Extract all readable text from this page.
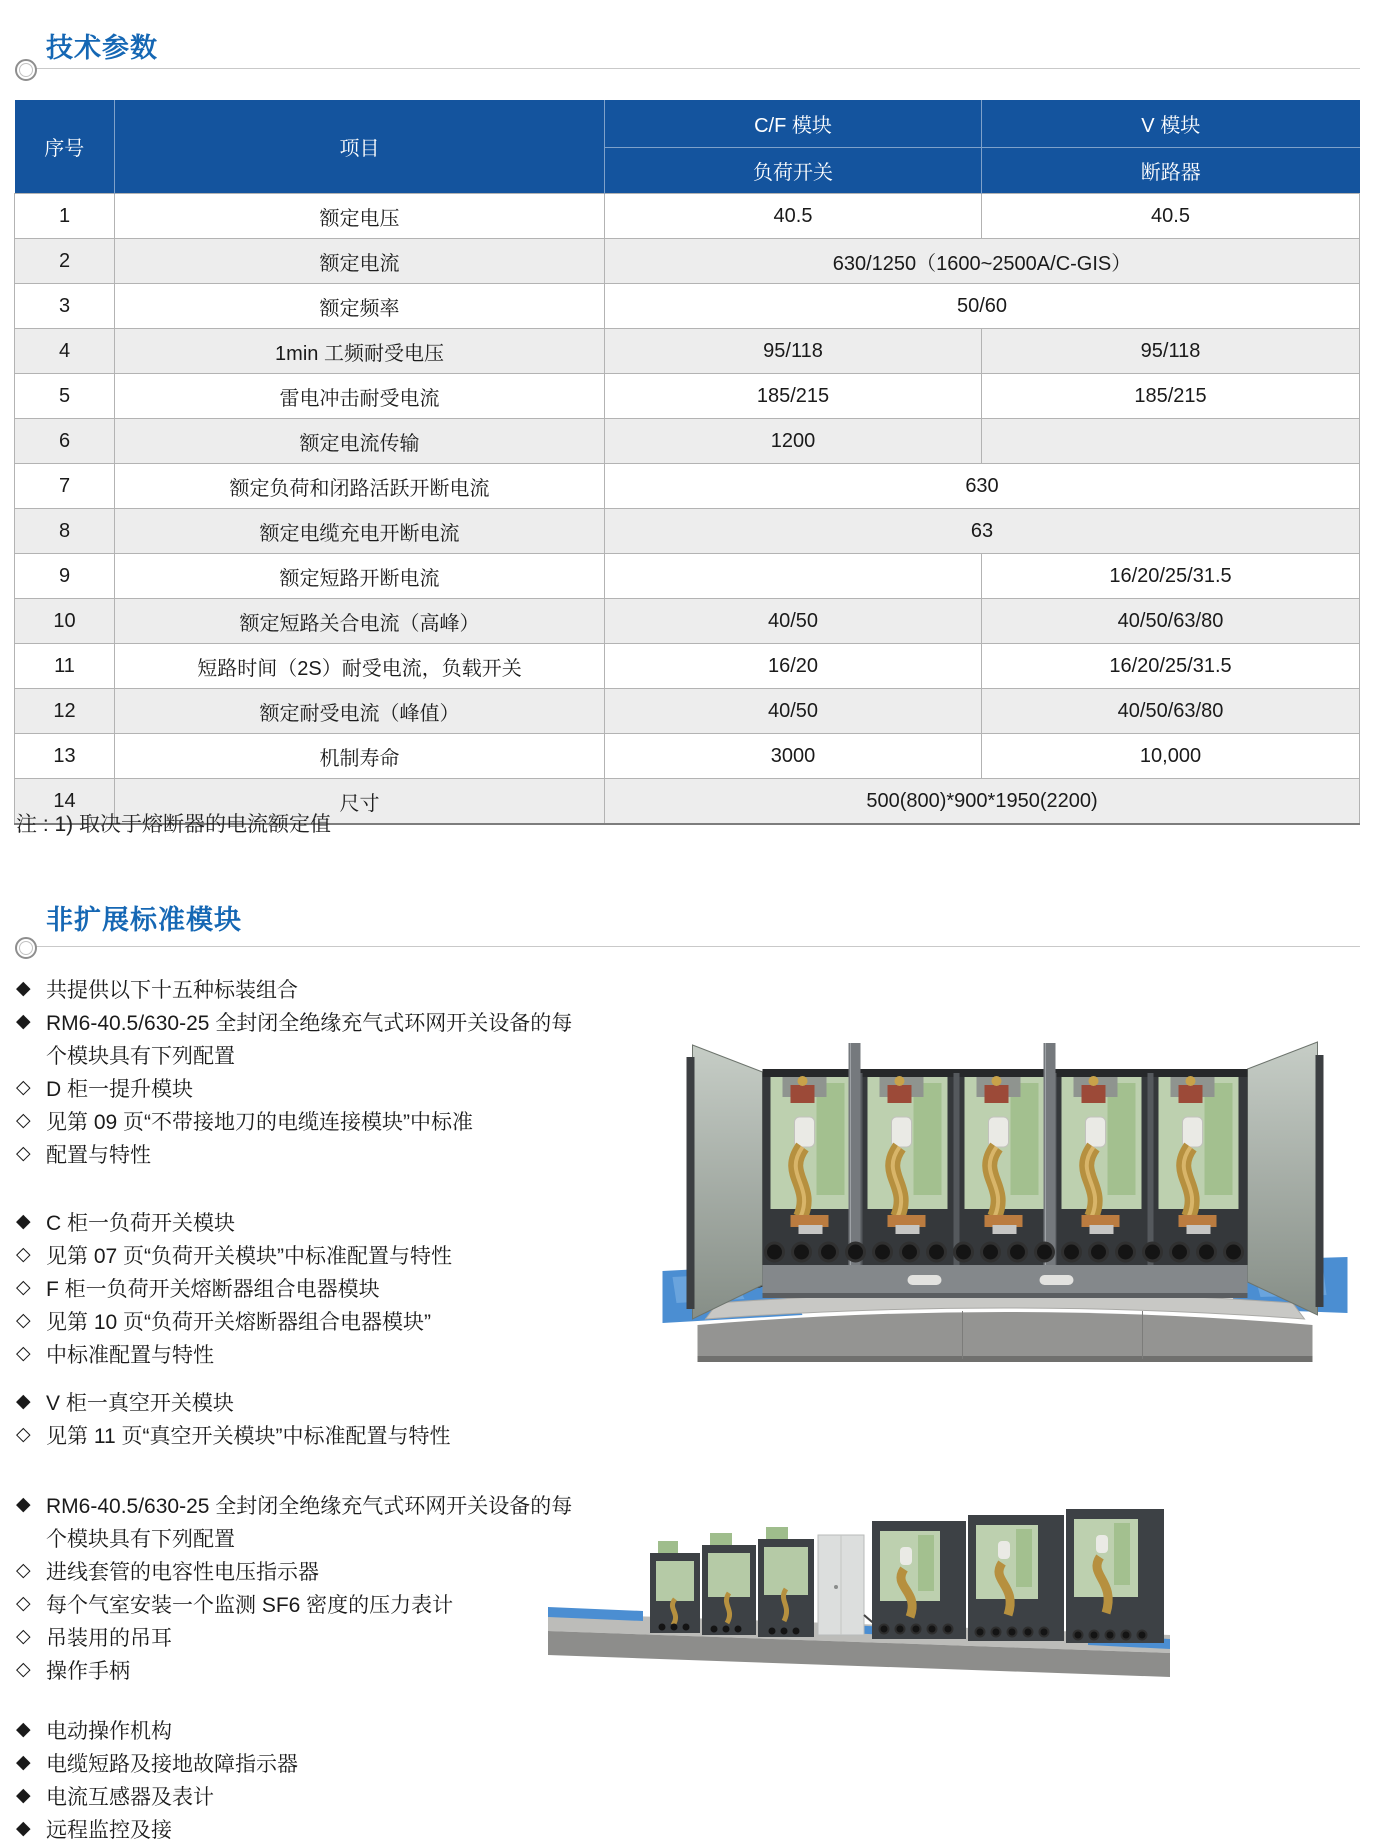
技术参数
序号	项目	C/F 模块	V 模块
		负荷开关	断路器
1	额定电压	40.5	40.5
2	额定电流	630/1250（1600~2500A/C-GIS）	
3	额定频率	50/60	
4	1min 工频耐受电压	95/118	95/118
5	雷电冲击耐受电流	185/215	185/215
6	额定电流传输	1200	
7	额定负荷和闭路活跃开断电流	630	
8	额定电缆充电开断电流	63	
9	额定短路开断电流		16/20/25/31.5
10	额定短路关合电流（高峰）	40/50	40/50/63/80
11	短路时间（2S）耐受电流，负载开关	16/20	16/20/25/31.5
12	额定耐受电流（峰值）	40/50	40/50/63/80
13	机制寿命	3000	10,000
14	尺寸	500(800)*900*1950(2200)	
注 : 1) 取决于熔断器的电流额定值
非扩展标准模块
◆ 共提供以下十五种标装组合
◆ RM6-40.5/630-25 全封闭全绝缘充气式环网开关设备的每
个模块具有下列配置
◇ D 柜一提升模块
◇ 见第 09 页“不带接地刀的电缆连接模块”中标准
◇ 配置与特性
◆ C 柜一负荷开关模块
◇ 见第 07 页“负荷开关模块”中标准配置与特性
◇ F 柜一负荷开关熔断器组合电器模块
◇ 见第 10 页“负荷开关熔断器组合电器模块”
◇ 中标准配置与特性
◆ V 柜一真空开关模块
◇ 见第 11 页“真空开关模块”中标准配置与特性
◆ RM6-40.5/630-25 全封闭全绝缘充气式环网开关设备的每
个模块具有下列配置
◇ 进线套管的电容性电压指示器
◇ 每个气室安装一个监测 SF6 密度的压力表计
◇ 吊装用的吊耳
◇ 操作手柄
◆ 电动操作机构
◆ 电缆短路及接地故障指示器
◆ 电流互感器及表计
◆ 远程监控及接
